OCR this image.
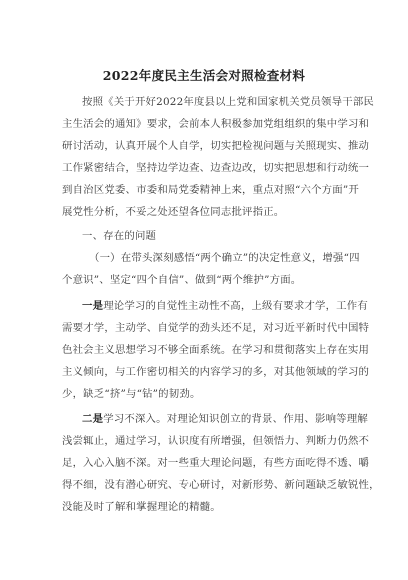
2022年度民主生活会对照检查材料
按照《关于开好2022年度县以上党和国家机关党员领导干部民
主生活会的通知》要求，会前本人积极参加党组组织的集中学习和
研讨活动，认真开展个人自学，切实把检视问题与关照现实、推动
工作紧密结合，坚持边学边查、边查边改，切实把思想和行动统一
到自治区党委、市委和局党委精神上来，重点对照“六个方面”开
展党性分析，不妥之处还望各位同志批评指正。
一、存在的问题
（一）在带头深刻感悟“两个确立”的决定性意义，增强“四
个意识”、坚定“四个自信”、做到“两个维护”方面。
一是理论学习的自觉性主动性不高，上级有要求才学，工作有
需要才学，主动学、自觉学的劲头还不足，对习近平新时代中国特
色社会主义思想学习不够全面系统。在学习和贯彻落实上存在实用
主义倾向，与工作密切相关的内容学习的多，对其他领域的学习的
少，缺乏“挤”与“钻”的韧劲。
二是学习不深入。对理论知识创立的背景、作用、影响等理解
浅尝辄止，通过学习，认识度有所增强，但领悟力、判断力仍然不
足，入心入脑不深。对一些重大理论问题，有些方面吃得不透、嚼
得不细，没有潜心研究、专心研讨，对新形势、新问题缺乏敏锐性，
没能及时了解和掌握理论的精髓。
